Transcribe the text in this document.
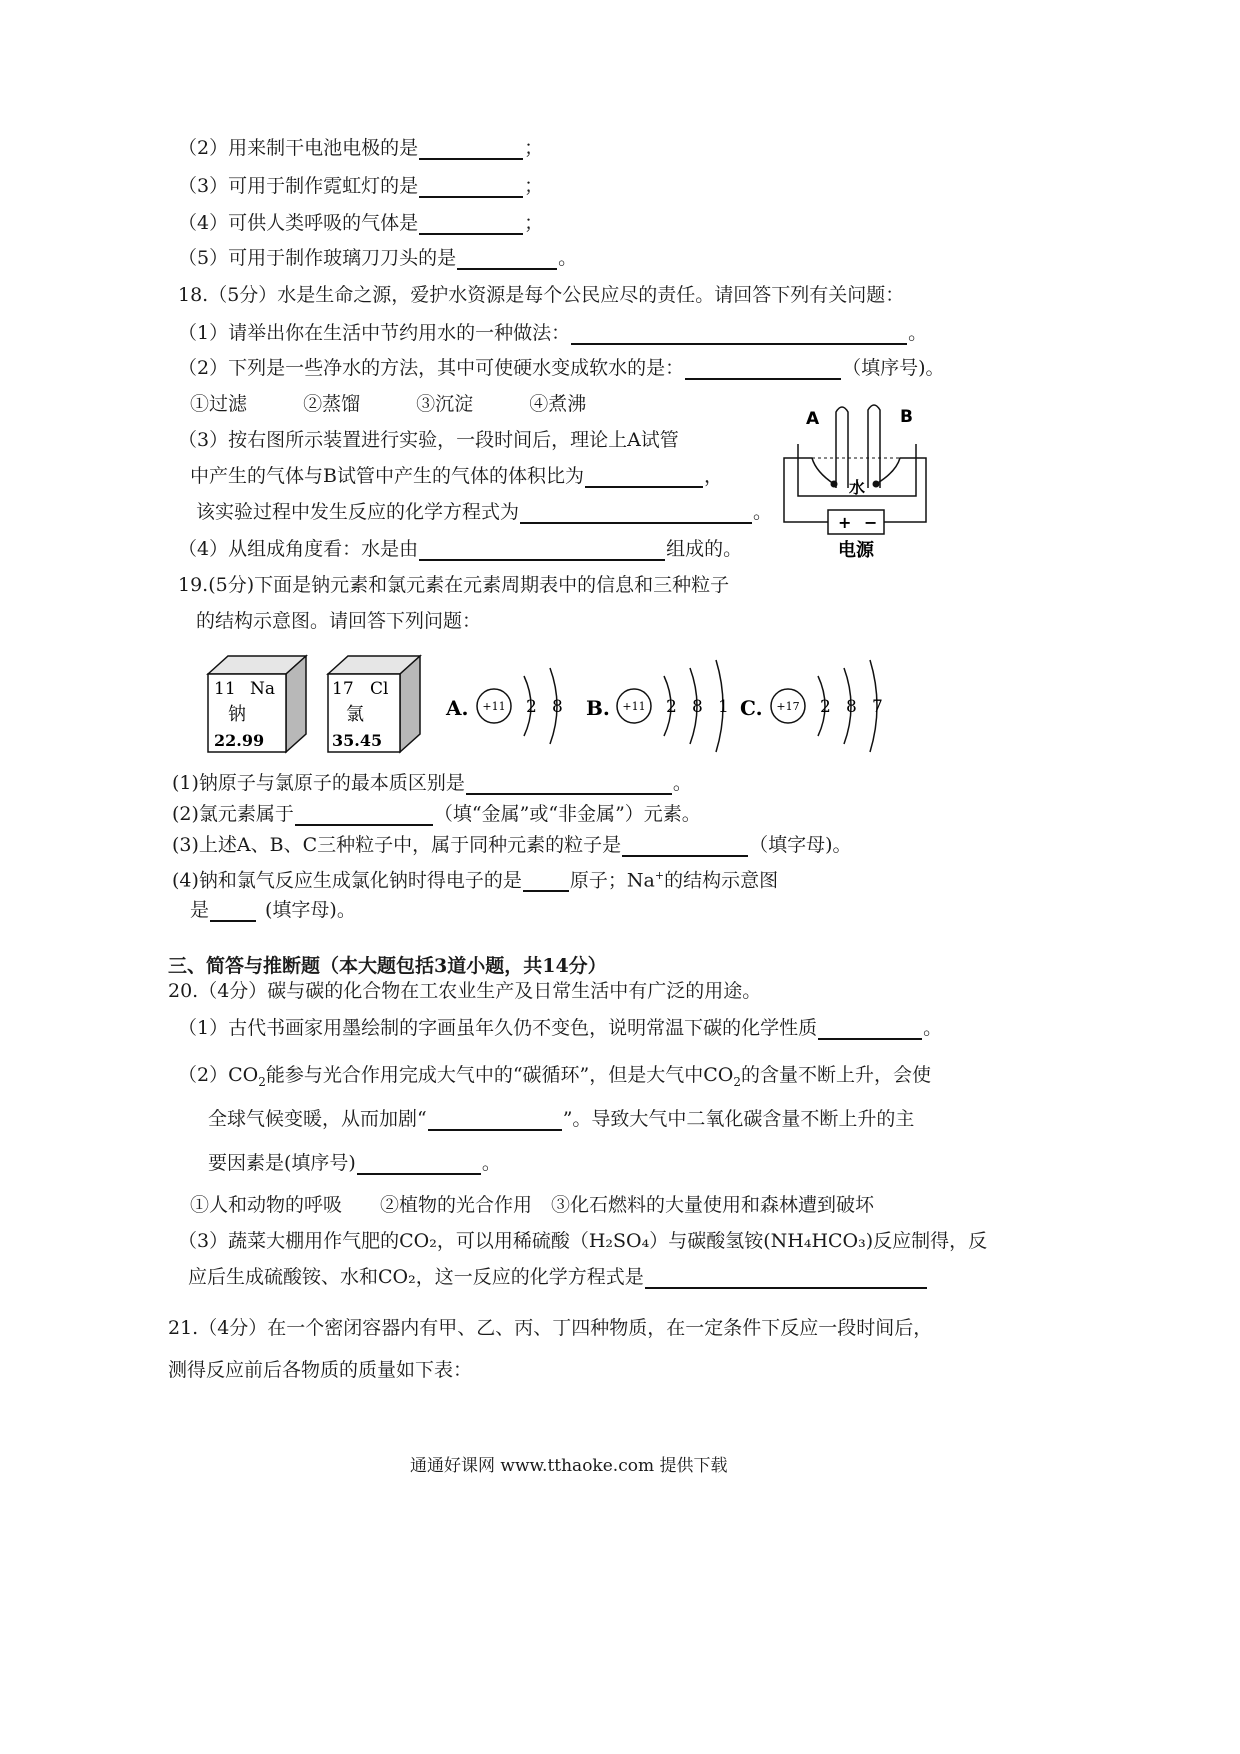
（2）用来制干电池电极的是	；
（3）可用于制作霓虹灯的是	；
（4）可供人类呼吸的气体是	；
（5）可用于制作玻璃刀刀头的是	。
18.（5分）水是生命之源，爱护水资源是每个公民应尽的责任。请回答下列有关问题：
（1）请举出你在生活中节约用水的一种做法：	。
（2）下列是一些净水的方法，其中可使硬水变成软水的是：	（填序号)。
①过滤	②蒸馏	③沉淀	④煮沸
（3）按右图所示装置进行实验，一段时间后，理论上A试管
中产生的气体与B试管中产生的气体的体积比为	，
该实验过程中发生反应的化学方程式为	。
（4）从组成角度看：水是由	组成的。
A	B
水
+ −
电源
19.(5分)下面是钠元素和氯元素在元素周期表中的信息和三种粒子
的结构示意图。请回答下列问题：
11 Na
钠
22.99
17 Cl
氯
35.45
A. +11 2 8 B. +11 2 8 1 C. +17 2 8 7
(1)钠原子与氯原子的最本质区别是	。
(2)氯元素属于	（填“金属”或“非金属”）元素。
(3)上述A、B、C三种粒子中，属于同种元素的粒子是	（填字母)。
(4)钠和氯气反应生成氯化钠时得电子的是	原子；Na+的结构示意图
是	(填字母)。
三、简答与推断题（本大题包括3道小题，共14分）
20.（4分）碳与碳的化合物在工农业生产及日常生活中有广泛的用途。
（1）古代书画家用墨绘制的字画虽年久仍不变色，说明常温下碳的化学性质	。
$(2)CO_2$能参与光合作用完成大气中的“碳循环”，但是大气中$CO_2$的含量不断上升，会使
全球气候变暖，从而加剧“	”。导致大气中二氧化碳含量不断上升的主
要因素是(填序号)	。
①人和动物的呼吸　　②植物的光合作用　③化石燃料的大量使用和森林遭到破坏
（3）蔬菜大棚用作气肥的CO₂，可以用稀硫酸（H₂SO₄）与碳酸氢铵(NH₄HCO₃)反应制得，反
应后生成硫酸铵、水和CO₂，这一反应的化学方程式是
21.（4分）在一个密闭容器内有甲、乙、丙、丁四种物质，在一定条件下反应一段时间后，
测得反应前后各物质的质量如下表：
通通好课网 www.tthaoke.com 提供下载
